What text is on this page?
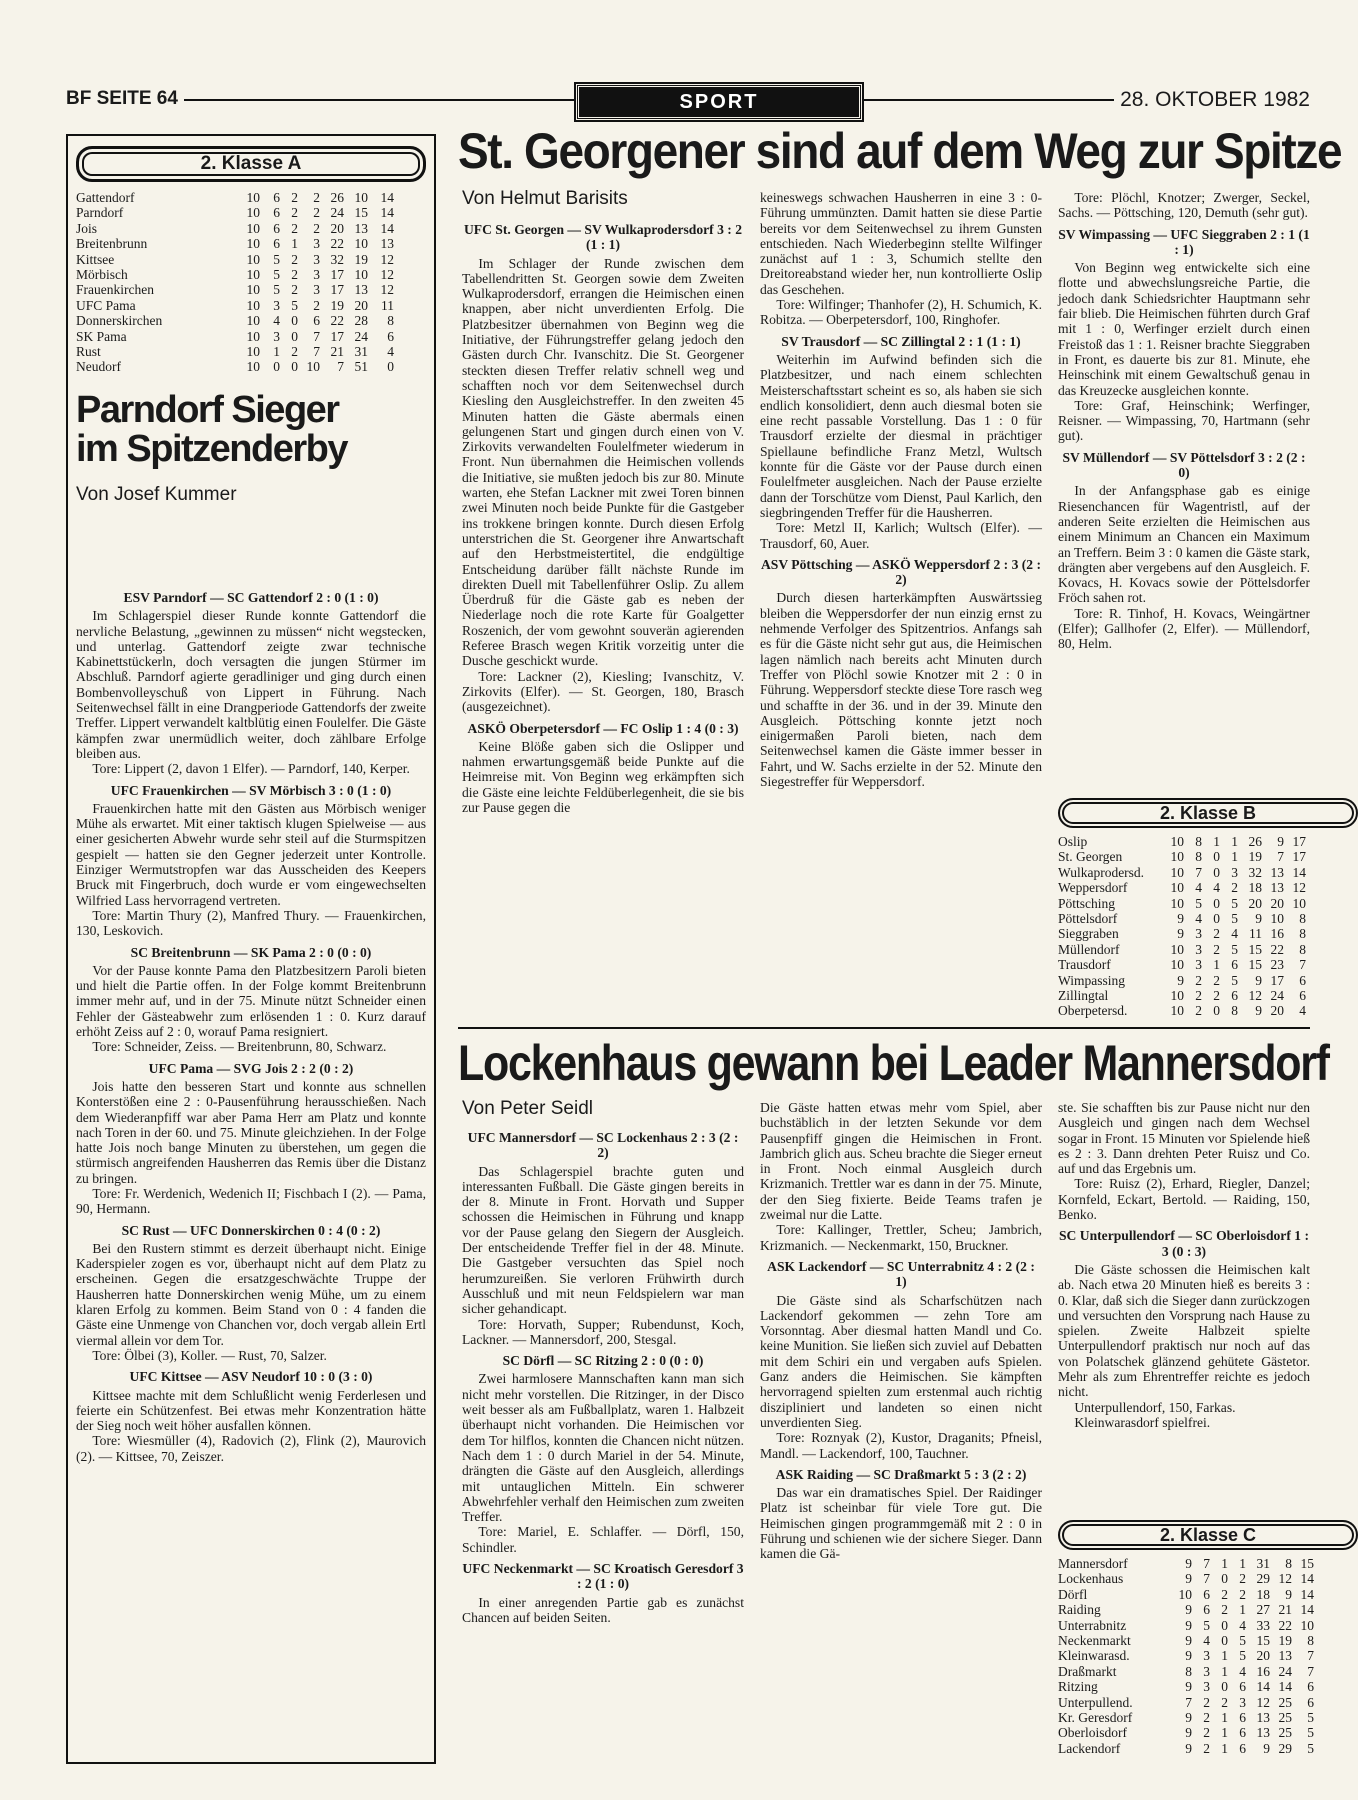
BF SEITE 64	SPORT	28. OKTOBER 1982
2. Klasse A
Gattendorf	10	6	2	2	26	10	14
Parndorf	10	6	2	2	24	15	14
Jois	10	6	2	2	20	13	14
Breitenbrunn	10	6	1	3	22	10	13
Kittsee	10	5	2	3	32	19	12
Mörbisch	10	5	2	3	17	10	12
Frauenkirchen	10	5	2	3	17	13	12
UFC Pama	10	3	5	2	19	20	11
Donnerskirchen	10	4	0	6	22	28	8
SK Pama	10	3	0	7	17	24	6
Rust	10	1	2	7	21	31	4
Neudorf	10	0	0	10	7	51	0
Parndorf Sieger
im Spitzenderby
Von Josef Kummer
ESV Parndorf — SC Gattendorf 2 : 0 (1 : 0)

Im Schlagerspiel dieser Runde konnte Gattendorf die nervliche Belastung, „gewinnen zu müssen“ nicht wegstecken, und unterlag. Gattendorf zeigte zwar technische Kabinettstückerln, doch versagten die jungen Stürmer im Abschluß. Parndorf agierte geradliniger und ging durch einen Bombenvolleyschuß von Lippert in Führung. Nach Seitenwechsel fällt in eine Drangperiode Gattendorfs der zweite Treffer. Lippert verwandelt kaltblütig einen Foulelfer. Die Gäste kämpfen zwar unermüdlich weiter, doch zählbare Erfolge bleiben aus.

Tore: Lippert (2, davon 1 Elfer). — Parndorf, 140, Kerper.

UFC Frauenkirchen — SV Mörbisch 3 : 0 (1 : 0)

Frauenkirchen hatte mit den Gästen aus Mörbisch weniger Mühe als erwartet. Mit einer taktisch klugen Spielweise — aus einer gesicherten Abwehr wurde sehr steil auf die Sturmspitzen gespielt — hatten sie den Gegner jederzeit unter Kontrolle. Einziger Wermutstropfen war das Ausscheiden des Keepers Bruck mit Fingerbruch, doch wurde er vom eingewechselten Wilfried Lass hervorragend vertreten.

Tore: Martin Thury (2), Manfred Thury. — Frauenkirchen, 130, Leskovich.

SC Breitenbrunn — SK Pama 2 : 0 (0 : 0)

Vor der Pause konnte Pama den Platzbesitzern Paroli bieten und hielt die Partie offen. In der Folge kommt Breitenbrunn immer mehr auf, und in der 75. Minute nützt Schneider einen Fehler der Gästeabwehr zum erlösenden 1 : 0. Kurz darauf erhöht Zeiss auf 2 : 0, worauf Pama resigniert.

Tore: Schneider, Zeiss. — Breitenbrunn, 80, Schwarz.

UFC Pama — SVG Jois 2 : 2 (0 : 2)

Jois hatte den besseren Start und konnte aus schnellen Konterstößen eine 2 : 0-Pausenführung herausschießen. Nach dem Wiederanpfiff war aber Pama Herr am Platz und konnte nach Toren in der 60. und 75. Minute gleichziehen. In der Folge hatte Jois noch bange Minuten zu überstehen, um gegen die stürmisch angreifenden Hausherren das Remis über die Distanz zu bringen.

Tore: Fr. Werdenich, Wedenich II; Fischbach I (2). — Pama, 90, Hermann.

SC Rust — UFC Donnerskirchen 0 : 4 (0 : 2)

Bei den Rustern stimmt es derzeit überhaupt nicht. Einige Kaderspieler zogen es vor, überhaupt nicht auf dem Platz zu erscheinen. Gegen die ersatzgeschwächte Truppe der Hausherren hatte Donnerskirchen wenig Mühe, um zu einem klaren Erfolg zu kommen. Beim Stand von 0 : 4 fanden die Gäste eine Unmenge von Chanchen vor, doch vergab allein Ertl viermal allein vor dem Tor.

Tore: Ölbei (3), Koller. — Rust, 70, Salzer.

UFC Kittsee — ASV Neudorf 10 : 0 (3 : 0)

Kittsee machte mit dem Schlußlicht wenig Ferderlesen und feierte ein Schützenfest. Bei etwas mehr Konzentration hätte der Sieg noch weit höher ausfallen können.

Tore: Wiesmüller (4), Radovich (2), Flink (2), Maurovich (2). — Kittsee, 70, Zeiszer.

St. Georgener sind auf dem Weg zur Spitze
Von Helmut Barisits
UFC St. Georgen — SV Wulkaprodersdorf 3 : 2 (1 : 1)

Im Schlager der Runde zwischen dem Tabellendritten St. Georgen sowie dem Zweiten Wulkaprodersdorf, errangen die Heimischen einen knappen, aber nicht unverdienten Erfolg. Die Platzbesitzer übernahmen von Beginn weg die Initiative, der Führungstreffer gelang jedoch den Gästen durch Chr. Ivanschitz. Die St. Georgener steckten diesen Treffer relativ schnell weg und schafften noch vor dem Seitenwechsel durch Kiesling den Ausgleichstreffer. In den zweiten 45 Minuten hatten die Gäste abermals einen gelungenen Start und gingen durch einen von V. Zirkovits verwandelten Foulelfmeter wiederum in Front. Nun übernahmen die Heimischen vollends die Initiative, sie mußten jedoch bis zur 80. Minute warten, ehe Stefan Lackner mit zwei Toren binnen zwei Minuten noch beide Punkte für die Gastgeber ins trokkene bringen konnte. Durch diesen Erfolg unterstrichen die St. Georgener ihre Anwartschaft auf den Herbstmeistertitel, die endgültige Entscheidung darüber fällt nächste Runde im direkten Duell mit Tabellenführer Oslip. Zu allem Überdruß für die Gäste gab es neben der Niederlage noch die rote Karte für Goalgetter Roszenich, der vom gewohnt souverän agierenden Referee Brasch wegen Kritik vorzeitig unter die Dusche geschickt wurde.

Tore: Lackner (2), Kiesling; Ivanschitz, V. Zirkovits (Elfer). — St. Georgen, 180, Brasch (ausgezeichnet).

ASKÖ Oberpetersdorf — FC Oslip 1 : 4 (0 : 3)

Keine Blöße gaben sich die Oslipper und nahmen erwartungsgemäß beide Punkte auf die Heimreise mit. Von Beginn weg erkämpften sich die Gäste eine leichte Feldüberlegenheit, die sie bis zur Pause gegen die

keineswegs schwachen Hausherren in eine 3 : 0-Führung ummünzten. Damit hatten sie diese Partie bereits vor dem Seitenwechsel zu ihrem Gunsten entschieden. Nach Wiederbeginn stellte Wilfinger zunächst auf 1 : 3, Schumich stellte den Dreitoreabstand wieder her, nun kontrollierte Oslip das Geschehen.

Tore: Wilfinger; Thanhofer (2), H. Schumich, K. Robitza. — Oberpetersdorf, 100, Ringhofer.

SV Trausdorf — SC Zillingtal 2 : 1 (1 : 1)

Weiterhin im Aufwind befinden sich die Platzbesitzer, und nach einem schlechten Meisterschaftsstart scheint es so, als haben sie sich endlich konsolidiert, denn auch diesmal boten sie eine recht passable Vorstellung. Das 1 : 0 für Trausdorf erzielte der diesmal in prächtiger Spiellaune befindliche Franz Metzl, Wultsch konnte für die Gäste vor der Pause durch einen Foulelfmeter ausgleichen. Nach der Pause erzielte dann der Torschütze vom Dienst, Paul Karlich, den siegbringenden Treffer für die Hausherren.

Tore: Metzl II, Karlich; Wultsch (Elfer). — Trausdorf, 60, Auer.

ASV Pöttsching — ASKÖ Weppersdorf 2 : 3 (2 : 2)

Durch diesen harterkämpften Auswärtssieg bleiben die Weppersdorfer der nun einzig ernst zu nehmende Verfolger des Spitzentrios. Anfangs sah es für die Gäste nicht sehr gut aus, die Heimischen lagen nämlich nach bereits acht Minuten durch Treffer von Plöchl sowie Knotzer mit 2 : 0 in Führung. Weppersdorf steckte diese Tore rasch weg und schaffte in der 36. und in der 39. Minute den Ausgleich. Pöttsching konnte jetzt noch einigermaßen Paroli bieten, nach dem Seitenwechsel kamen die Gäste immer besser in Fahrt, und W. Sachs erzielte in der 52. Minute den Siegestreffer für Weppersdorf.

Tore: Plöchl, Knotzer; Zwerger, Seckel, Sachs. — Pöttsching, 120, Demuth (sehr gut).

SV Wimpassing — UFC Sieggraben 2 : 1 (1 : 1)

Von Beginn weg entwickelte sich eine flotte und abwechslungsreiche Partie, die jedoch dank Schiedsrichter Hauptmann sehr fair blieb. Die Heimischen führten durch Graf mit 1 : 0, Werfinger erzielt durch einen Freistoß das 1 : 1. Reisner brachte Sieggraben in Front, es dauerte bis zur 81. Minute, ehe Heinschink mit einem Gewaltschuß genau in das Kreuzecke ausgleichen konnte.

Tore: Graf, Heinschink; Werfinger, Reisner. — Wimpassing, 70, Hartmann (sehr gut).

SV Müllendorf — SV Pöttelsdorf 3 : 2 (2 : 0)

In der Anfangsphase gab es einige Riesenchancen für Wagentristl, auf der anderen Seite erzielten die Heimischen aus einem Minimum an Chancen ein Maximum an Treffern. Beim 3 : 0 kamen die Gäste stark, drängten aber vergebens auf den Ausgleich. F. Kovacs, H. Kovacs sowie der Pöttelsdorfer Fröch sahen rot.

Tore: R. Tinhof, H. Kovacs, Weingärtner (Elfer); Gallhofer (2, Elfer). — Müllendorf, 80, Helm.

2. Klasse B
Oslip	10	8	1	1	26	9	17
St. Georgen	10	8	0	1	19	7	17
Wulkaprodersd.	10	7	0	3	32	13	14
Weppersdorf	10	4	4	2	18	13	12
Pöttsching	10	5	0	5	20	20	10
Pöttelsdorf	9	4	0	5	9	10	8
Sieggraben	9	3	2	4	11	16	8
Müllendorf	10	3	2	5	15	22	8
Trausdorf	10	3	1	6	15	23	7
Wimpassing	9	2	2	5	9	17	6
Zillingtal	10	2	2	6	12	24	6
Oberpetersd.	10	2	0	8	9	20	4
Lockenhaus gewann bei Leader Mannersdorf
Von Peter Seidl
UFC Mannersdorf — SC Lockenhaus 2 : 3 (2 : 2)

Das Schlagerspiel brachte guten und interessanten Fußball. Die Gäste gingen bereits in der 8. Minute in Front. Horvath und Supper schossen die Heimischen in Führung und knapp vor der Pause gelang den Siegern der Ausgleich. Der entscheidende Treffer fiel in der 48. Minute. Die Gastgeber versuchten das Spiel noch herumzureißen. Sie verloren Frühwirth durch Ausschluß und mit neun Feldspielern war man sicher gehandicapt.

Tore: Horvath, Supper; Rubendunst, Koch, Lackner. — Mannersdorf, 200, Stesgal.

SC Dörfl — SC Ritzing 2 : 0 (0 : 0)

Zwei harmlosere Mannschaften kann man sich nicht mehr vorstellen. Die Ritzinger, in der Disco weit besser als am Fußballplatz, waren 1. Halbzeit überhaupt nicht vorhanden. Die Heimischen vor dem Tor hilflos, konnten die Chancen nicht nützen. Nach dem 1 : 0 durch Mariel in der 54. Minute, drängten die Gäste auf den Ausgleich, allerdings mit untauglichen Mitteln. Ein schwerer Abwehrfehler verhalf den Heimischen zum zweiten Treffer.

Tore: Mariel, E. Schlaffer. — Dörfl, 150, Schindler.

UFC Neckenmarkt — SC Kroatisch Geresdorf 3 : 2 (1 : 0)

In einer anregenden Partie gab es zunächst Chancen auf beiden Seiten.

Die Gäste hatten etwas mehr vom Spiel, aber buchstäblich in der letzten Sekunde vor dem Pausenpfiff gingen die Heimischen in Front. Jambrich glich aus. Scheu brachte die Sieger erneut in Front. Noch einmal Ausgleich durch Krizmanich. Trettler war es dann in der 75. Minute, der den Sieg fixierte. Beide Teams trafen je zweimal nur die Latte.

Tore: Kallinger, Trettler, Scheu; Jambrich, Krizmanich. — Neckenmarkt, 150, Bruckner.

ASK Lackendorf — SC Unterrabnitz 4 : 2 (2 : 1)

Die Gäste sind als Scharfschützen nach Lackendorf gekommen — zehn Tore am Vorsonntag. Aber diesmal hatten Mandl und Co. keine Munition. Sie ließen sich zuviel auf Debatten mit dem Schiri ein und vergaben aufs Spielen. Ganz anders die Heimischen. Sie kämpften hervorragend spielten zum erstenmal auch richtig diszipliniert und landeten so einen nicht unverdienten Sieg.

Tore: Roznyak (2), Kustor, Draganits; Pfneisl, Mandl. — Lackendorf, 100, Tauchner.

ASK Raiding — SC Draßmarkt 5 : 3 (2 : 2)

Das war ein dramatisches Spiel. Der Raidinger Platz ist scheinbar für viele Tore gut. Die Heimischen gingen programmgemäß mit 2 : 0 in Führung und schienen wie der sichere Sieger. Dann kamen die Gä-

ste. Sie schafften bis zur Pause nicht nur den Ausgleich und gingen nach dem Wechsel sogar in Front. 15 Minuten vor Spielende hieß es 2 : 3. Dann drehten Peter Ruisz und Co. auf und das Ergebnis um.

Tore: Ruisz (2), Erhard, Riegler, Danzel; Kornfeld, Eckart, Bertold. — Raiding, 150, Benko.

SC Unterpullendorf — SC Oberloisdorf 1 : 3 (0 : 3)

Die Gäste schossen die Heimischen kalt ab. Nach etwa 20 Minuten hieß es bereits 3 : 0. Klar, daß sich die Sieger dann zurückzogen und versuchten den Vorsprung nach Hause zu spielen. Zweite Halbzeit spielte Unterpullendorf praktisch nur noch auf das von Polatschek glänzend gehütete Gästetor. Mehr als zum Ehrentreffer reichte es jedoch nicht.

Unterpullendorf, 150, Farkas.

Kleinwarasdorf spielfrei.

2. Klasse C
Mannersdorf	9	7	1	1	31	8	15
Lockenhaus	9	7	0	2	29	12	14
Dörfl	10	6	2	2	18	9	14
Raiding	9	6	2	1	27	21	14
Unterrabnitz	9	5	0	4	33	22	10
Neckenmarkt	9	4	0	5	15	19	8
Kleinwarasd.	9	3	1	5	20	13	7
Draßmarkt	8	3	1	4	16	24	7
Ritzing	9	3	0	6	14	14	6
Unterpullend.	7	2	2	3	12	25	6
Kr. Geresdorf	9	2	1	6	13	25	5
Oberloisdorf	9	2	1	6	13	25	5
Lackendorf	9	2	1	6	9	29	5
